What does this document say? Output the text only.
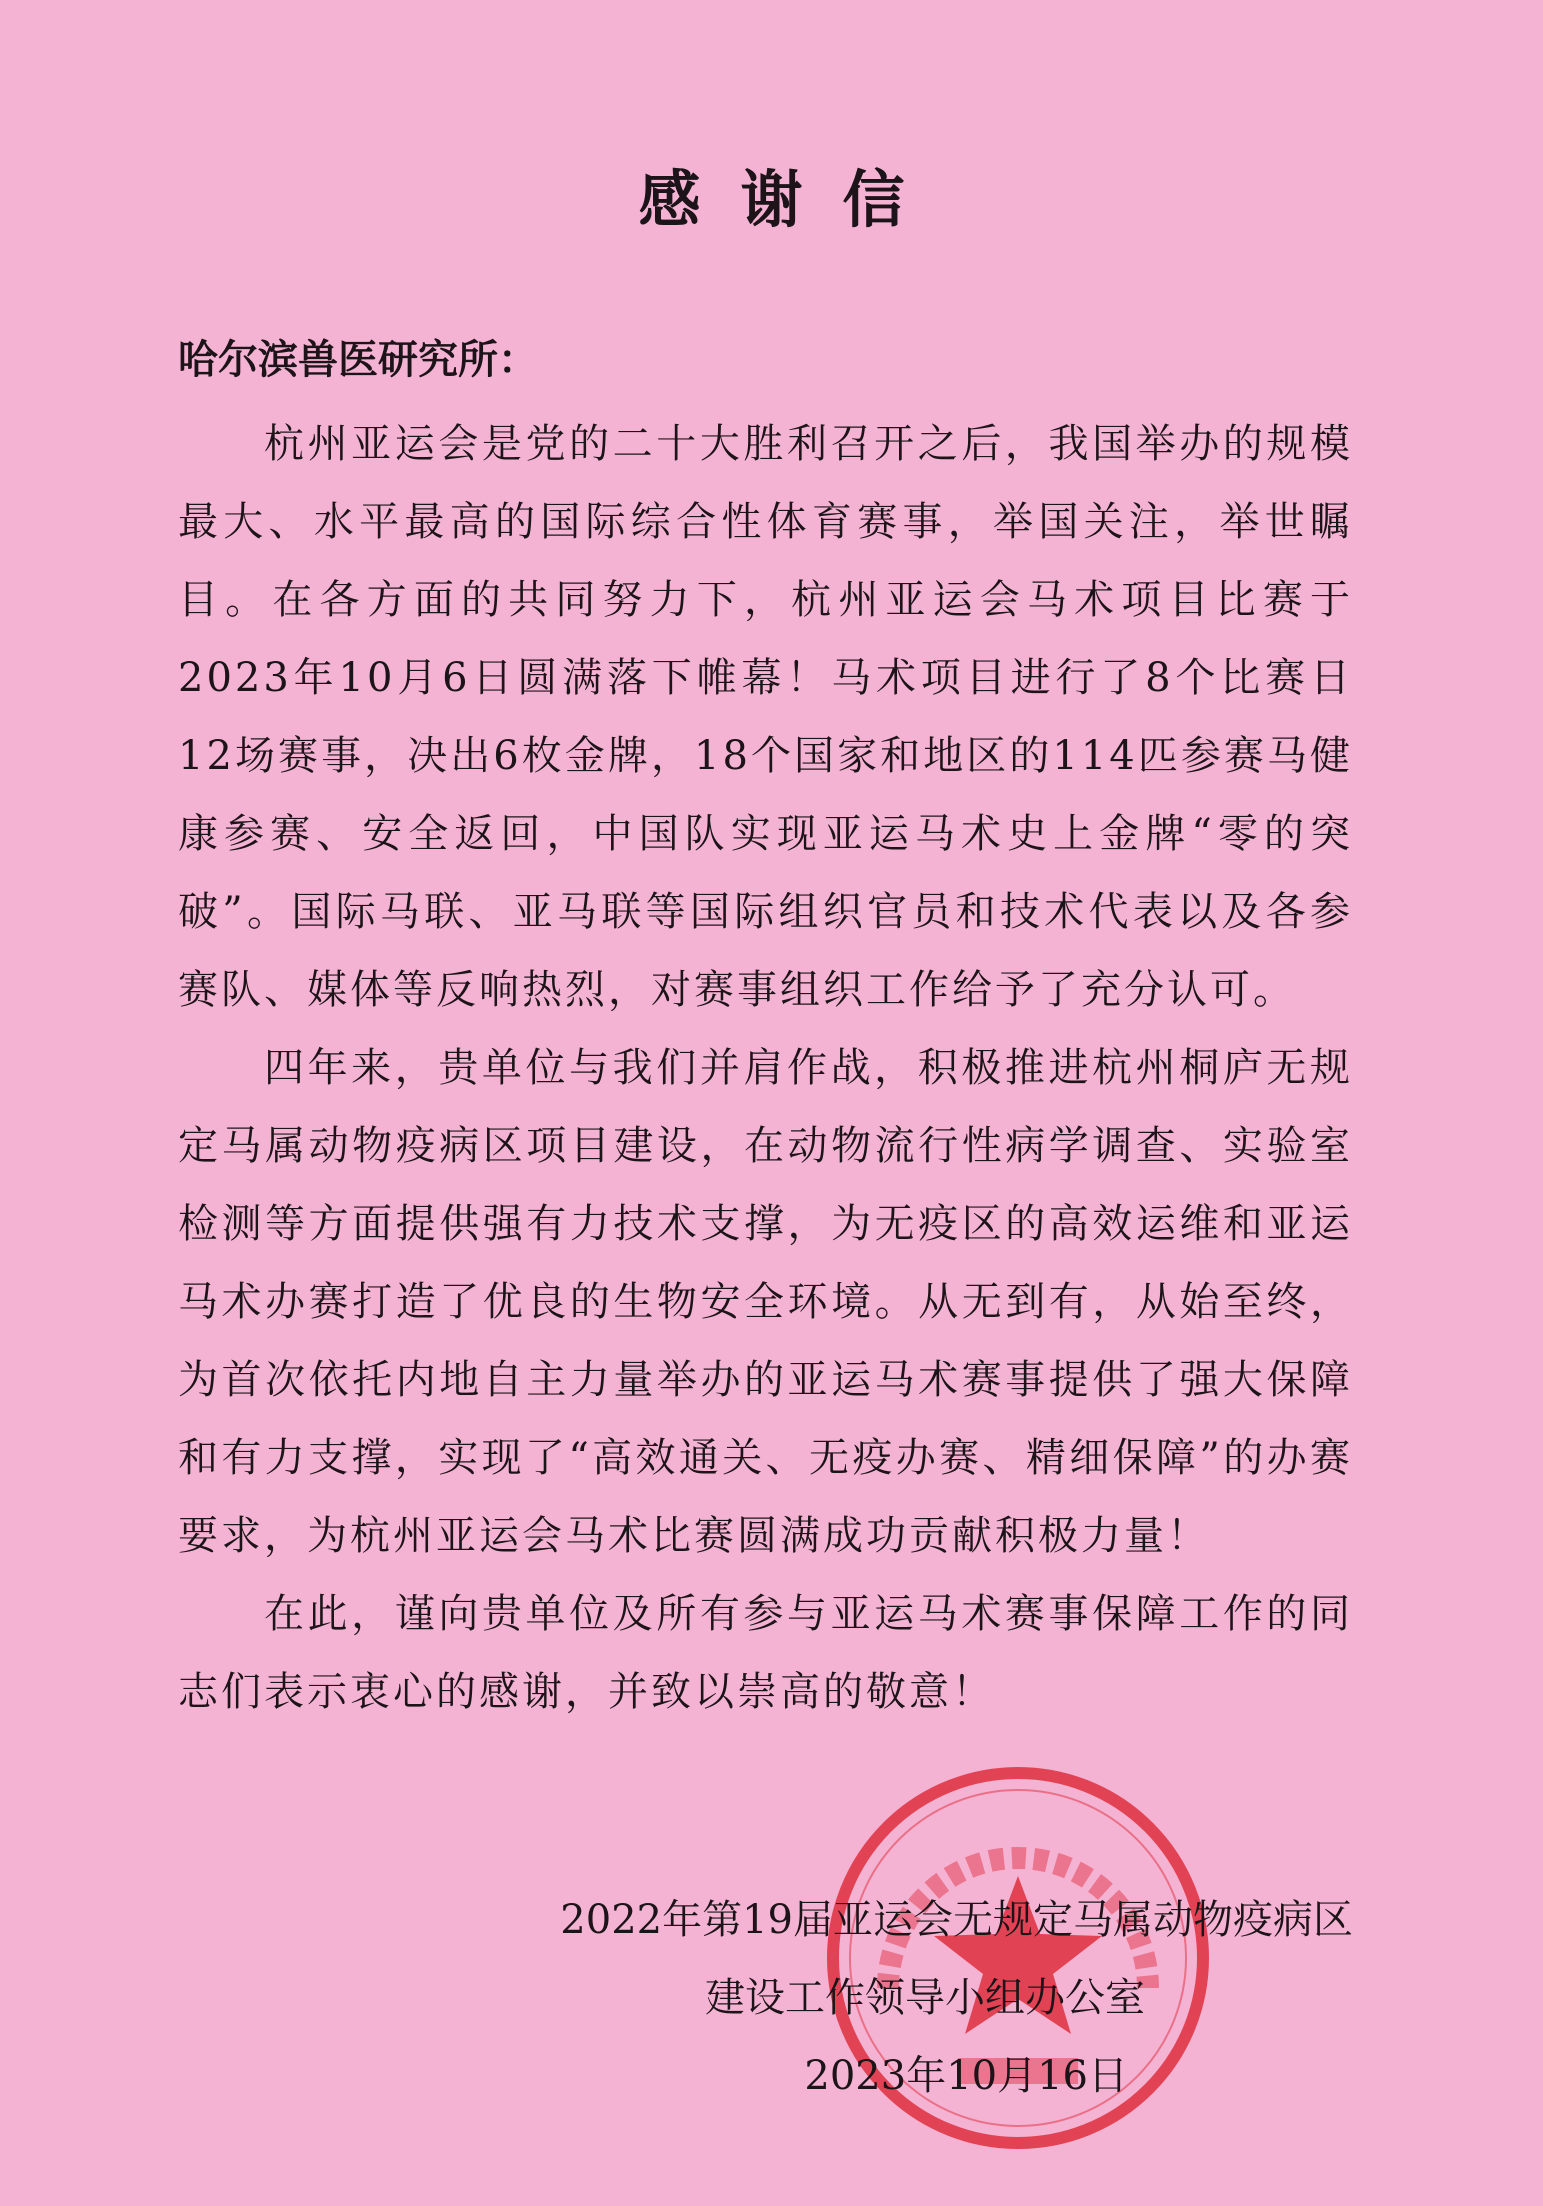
感谢信
哈尔滨兽医研究所：

杭州亚运会是党的二十大胜利召开之后，我国举办的规模最大、水平最高的国际综合性体育赛事，举国关注，举世瞩目。在各方面的共同努力下，杭州亚运会马术项目比赛于2023年10月6日圆满落下帷幕！马术项目进行了8个比赛日12场赛事，决出6枚金牌，18个国家和地区的114匹参赛马健康参赛、安全返回，中国队实现亚运马术史上金牌“零的突破”。国际马联、亚马联等国际组织官员和技术代表以及各参赛队、媒体等反响热烈，对赛事组织工作给予了充分认可。

四年来，贵单位与我们并肩作战，积极推进杭州桐庐无规定马属动物疫病区项目建设，在动物流行性病学调查、实验室检测等方面提供强有力技术支撑，为无疫区的高效运维和亚运马术办赛打造了优良的生物安全环境。从无到有，从始至终，为首次依托内地自主力量举办的亚运马术赛事提供了强大保障和有力支撑，实现了“高效通关、无疫办赛、精细保障”的办赛要求，为杭州亚运会马术比赛圆满成功贡献积极力量！

在此，谨向贵单位及所有参与亚运马术赛事保障工作的同志们表示衷心的感谢，并致以崇高的敬意！

2022年第19届亚运会无规定马属动物疫病区
建设工作领导小组办公室
2023年10月16日
